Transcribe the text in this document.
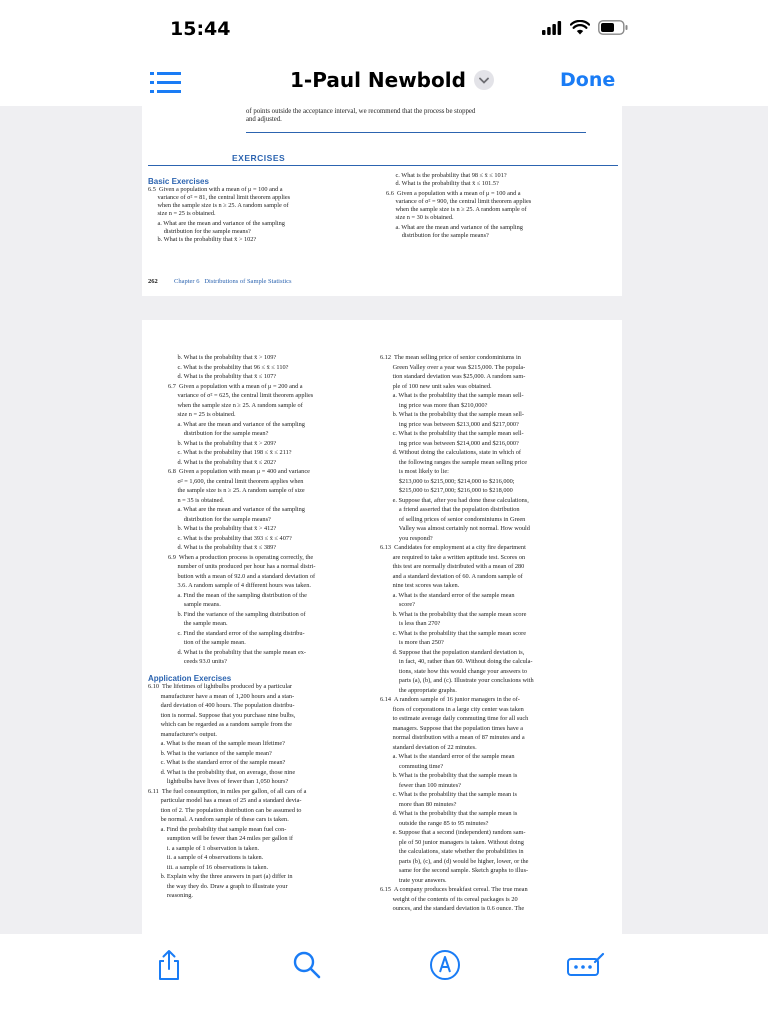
15:44
1-Paul Newbold	Done
of points outside the acceptance interval, we recommend that the process be stopped
and adjusted.
EXERCISES
Basic Exercises
6.5  Given a population with a mean of μ = 100 and a
variance of σ² = 81, the central limit theorem applies
when the sample size is n ≥ 25. A random sample of
size n = 25 is obtained.
a. What are the mean and variance of the sampling
distribution for the sample means?
b. What is the probability that x̄ > 102?
c. What is the probability that 98 ≤ x̄ ≤ 101?
d. What is the probability that x̄ ≤ 101.5?
6.6  Given a population with a mean of μ = 100 and a
variance of σ² = 900, the central limit theorem applies
when the sample size is n ≥ 25. A random sample of
size n = 30 is obtained.
a. What are the mean and variance of the sampling
distribution for the sample means?
262	Chapter 6   Distributions of Sample Statistics
b. What is the probability that x̄ > 109?
c. What is the probability that 96 ≤ x̄ ≤ 110?
d. What is the probability that x̄ ≤ 107?
6.7  Given a population with a mean of μ = 200 and a
variance of σ² = 625, the central limit theorem applies
when the sample size n ≥ 25. A random sample of
size n = 25 is obtained.
a. What are the mean and variance of the sampling
distribution for the sample mean?
b. What is the probability that x̄ > 209?
c. What is the probability that 198 ≤ x̄ ≤ 211?
d. What is the probability that x̄ ≤ 202?
6.8  Given a population with mean μ = 400 and variance
σ² = 1,600, the central limit theorem applies when
the sample size is n ≥ 25. A random sample of size
n = 35 is obtained.
a. What are the mean and variance of the sampling
distribution for the sample means?
b. What is the probability that x̄ > 412?
c. What is the probability that 393 ≤ x̄ ≤ 407?
d. What is the probability that x̄ ≤ 389?
6.9  When a production process is operating correctly, the
number of units produced per hour has a normal distri-
bution with a mean of 92.0 and a standard deviation of
3.6. A random sample of 4 different hours was taken.
a. Find the mean of the sampling distribution of the
sample means.
b. Find the variance of the sampling distribution of
the sample mean.
c. Find the standard error of the sampling distribu-
tion of the sample mean.
d. What is the probability that the sample mean ex-
ceeds 93.0 units?
Application Exercises
6.10  The lifetimes of lightbulbs produced by a particular
manufacturer have a mean of 1,200 hours and a stan-
dard deviation of 400 hours. The population distribu-
tion is normal. Suppose that you purchase nine bulbs,
which can be regarded as a random sample from the
manufacturer's output.
a. What is the mean of the sample mean lifetime?
b. What is the variance of the sample mean?
c. What is the standard error of the sample mean?
d. What is the probability that, on average, those nine
lightbulbs have lives of fewer than 1,050 hours?
6.11  The fuel consumption, in miles per gallon, of all cars of a
particular model has a mean of 25 and a standard devia-
tion of 2. The population distribution can be assumed to
be normal. A random sample of these cars is taken.
a. Find the probability that sample mean fuel con-
sumption will be fewer than 24 miles per gallon if
i. a sample of 1 observation is taken.
ii. a sample of 4 observations is taken.
iii. a sample of 16 observations is taken.
b. Explain why the three answers in part (a) differ in
the way they do. Draw a graph to illustrate your
reasoning.
6.12  The mean selling price of senior condominiums in
Green Valley over a year was $215,000. The popula-
tion standard deviation was $25,000. A random sam-
ple of 100 new unit sales was obtained.
a. What is the probability that the sample mean sell-
ing price was more than $210,000?
b. What is the probability that the sample mean sell-
ing price was between $213,000 and $217,000?
c. What is the probability that the sample mean sell-
ing price was between $214,000 and $216,000?
d. Without doing the calculations, state in which of
the following ranges the sample mean selling price
is most likely to lie:
$213,000 to $215,000; $214,000 to $216,000;
$215,000 to $217,000; $216,000 to $218,000
e. Suppose that, after you had done these calculations,
a friend asserted that the population distribution
of selling prices of senior condominiums in Green
Valley was almost certainly not normal. How would
you respond?
6.13  Candidates for employment at a city fire department
are required to take a written aptitude test. Scores on
this test are normally distributed with a mean of 280
and a standard deviation of 60. A random sample of
nine test scores was taken.
a. What is the standard error of the sample mean
score?
b. What is the probability that the sample mean score
is less than 270?
c. What is the probability that the sample mean score
is more than 250?
d. Suppose that the population standard deviation is,
in fact, 40, rather than 60. Without doing the calcula-
tions, state how this would change your answers to
parts (a), (b), and (c). Illustrate your conclusions with
the appropriate graphs.
6.14  A random sample of 16 junior managers in the of-
fices of corporations in a large city center was taken
to estimate average daily commuting time for all such
managers. Suppose that the population times have a
normal distribution with a mean of 87 minutes and a
standard deviation of 22 minutes.
a. What is the standard error of the sample mean
commuting time?
b. What is the probability that the sample mean is
fewer than 100 minutes?
c. What is the probability that the sample mean is
more than 80 minutes?
d. What is the probability that the sample mean is
outside the range 85 to 95 minutes?
e. Suppose that a second (independent) random sam-
ple of 50 junior managers is taken. Without doing
the calculations, state whether the probabilities in
parts (b), (c), and (d) would be higher, lower, or the
same for the second sample. Sketch graphs to illus-
trate your answers.
6.15  A company produces breakfast cereal. The true mean
weight of the contents of its cereal packages is 20
ounces, and the standard deviation is 0.6 ounce. The
